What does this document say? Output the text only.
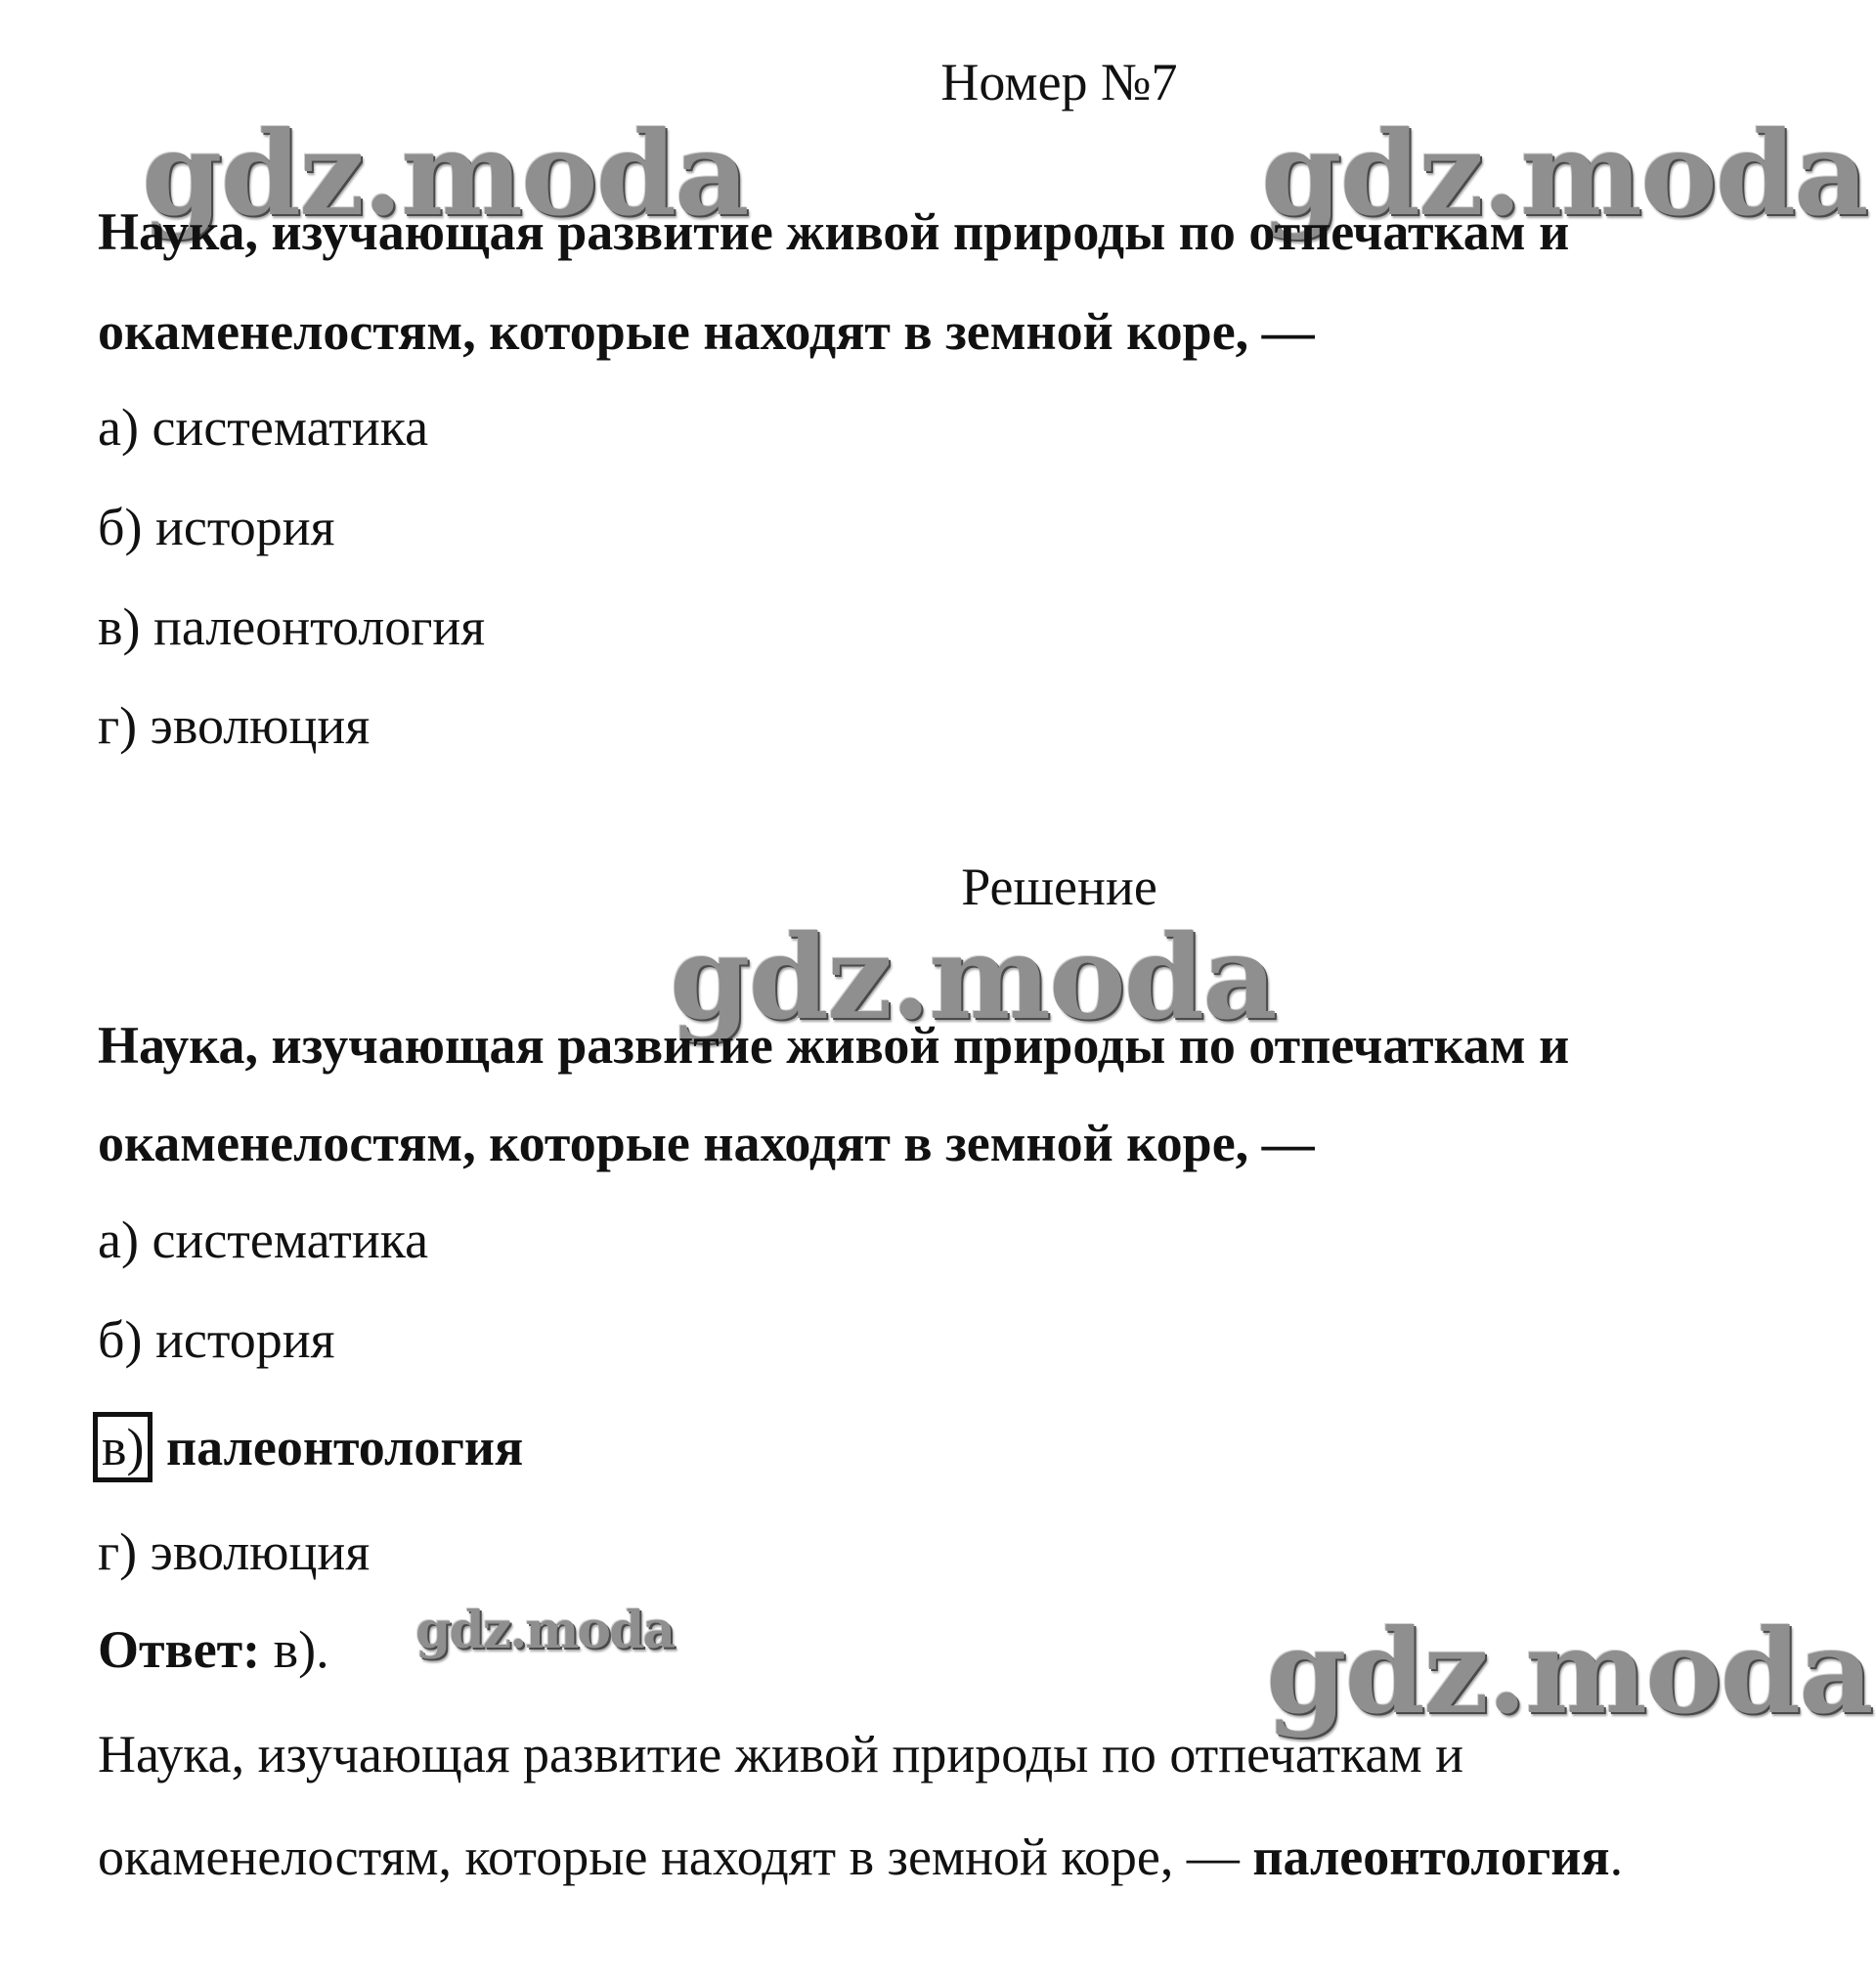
Номер №7
gdz.moda	gdz.moda
Наука, изучающая развитие живой природы по отпечаткам и
окаменелостям, которые находят в земной коре, —
а) систематика
б) история
в) палеонтология
г) эволюция
Решение
gdz.moda
Наука, изучающая развитие живой природы по отпечаткам и
окаменелостям, которые находят в земной коре, —
а) систематика
б) история
в) палеонтология
г) эволюция
Ответ: в). gdz.moda	gdz.moda
Наука, изучающая развитие живой природы по отпечаткам и
окаменелостям, которые находят в земной коре, — палеонтология.
